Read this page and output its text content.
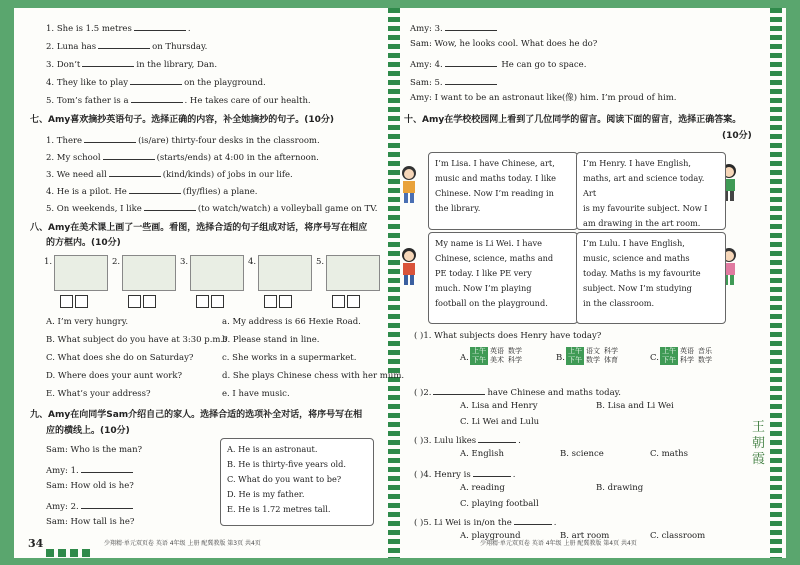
1. She is 1.5 metres	.
2. Luna has	on Thursday.
3. Don’t	in the library, Dan.
4. They like to play	on the playground.
5. Tom’s father is a	. He takes care of our health.
七、Amy喜欢摘抄英语句子。选择正确的内容，补全她摘抄的句子。(10分)
1. There	(is/are) thirty-four desks in the classroom.
2. My school	(starts/ends) at 4:00 in the afternoon.
3. We need all	(kind/kinds) of jobs in our life.
4. He is a pilot. He	(fly/flies) a plane.
5. On weekends, I like	(to watch/watch) a volleyball game on TV.
八、Amy在美术课上画了一些画。看图，选择合适的句子组成对话，将序号写在相应
的方框内。(10分)
1.	2.	3.	4.	5.
A. I’m very hungry.	a. My address is 66 Hexie Road.
B. What subject do you have at 3:30 p.m.?
b. Please stand in line.
C. What does she do on Saturday?	c. She works in a supermarket.
D. Where does your aunt work?	d. She plays Chinese chess with her mum.
E. What’s your address?	e. I have music.
九、Amy在向同学Sam介绍自己的家人。选择合适的选项补全对话，将序号写在相
应的横线上。(10分)
Sam: Who is the man?
Amy: 1.
Sam: How old is he?
Amy: 2.
Sam: How tall is he?

A. He is an astronaut.

B. He is thirty-five years old.

C. What do you want to be?

D. He is my father.

E. He is 1.72 metres tall.

34	少翔精·单元双页卷 英语 4年级 上册 配冀教版 第3页 共4页
Amy: 3.
Sam: Wow, he looks cool. What does he do?
Amy: 4.	He can go to space.
Sam: 5.
Amy: I want to be an astronaut like(像) him. I’m proud of him.
十、Amy在学校校园网上看到了几位同学的留言。阅读下面的留言，选择正确答案。
(10分)

I’m Lisa. I have Chinese, art,

music and maths today. I like

Chinese. Now I’m reading in

the library.

I’m Henry. I have English,

maths, art and science today. Art

is my favourite subject. Now I

am drawing in the art room.

My name is Li Wei. I have

Chinese, science, maths and

PE today. I like PE very

much. Now I’m playing

football on the playground.

I’m Lulu. I have English,

music, science and maths

today. Maths is my favourite

subject. Now I’m studying

in the classroom.

( )1. What subjects does Henry have today?
A.
上午	英语	数学
下午	美术	科学	B.
上午	语文	科学
下午	数学	体育	C.
上午	英语	音乐
下午	科学	数学
( )2.	have Chinese and maths today.
A. Lisa and Henry	B. Lisa and Li Wei
C. Li Wei and Lulu
( )3. Lulu likes	.
A. English	B. science	C. maths
( )4. Henry is	.
A. reading	B. drawing
C. playing football
( )5. Li Wei is in/on the	.
A. playground	B. art room	C. classroom
少翔精·单元双页卷 英语 4年级 上册 配冀教版 第4页 共4页
王朝霞
